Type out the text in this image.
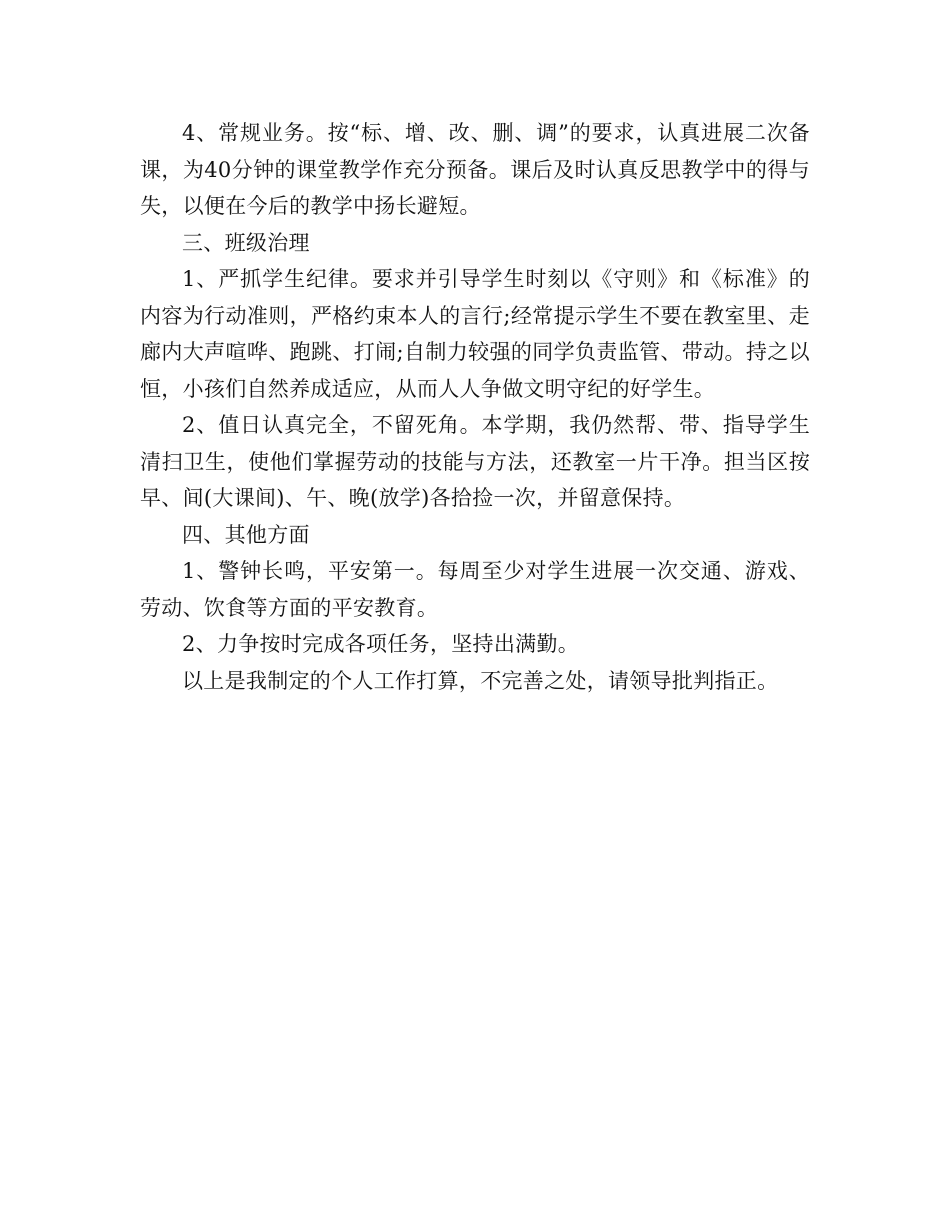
4、常规业务。按“标、增、改、删、调”的要求，认真进展二次备课，为40分钟的课堂教学作充分预备。课后及时认真反思教学中的得与失，以便在今后的教学中扬长避短。

三、班级治理

1、严抓学生纪律。要求并引导学生时刻以《守则》和《标准》的内容为行动准则，严格约束本人的言行;经常提示学生不要在教室里、走廊内大声喧哗、跑跳、打闹;自制力较强的同学负责监管、带动。持之以恒，小孩们自然养成适应，从而人人争做文明守纪的好学生。

2、值日认真完全，不留死角。本学期，我仍然帮、带、指导学生清扫卫生，使他们掌握劳动的技能与方法，还教室一片干净。担当区按早、间(大课间)、午、晚(放学)各拾捡一次，并留意保持。

四、其他方面

1、警钟长鸣，平安第一。每周至少对学生进展一次交通、游戏、劳动、饮食等方面的平安教育。

2、力争按时完成各项任务，坚持出满勤。

以上是我制定的个人工作打算，不完善之处，请领导批判指正。
